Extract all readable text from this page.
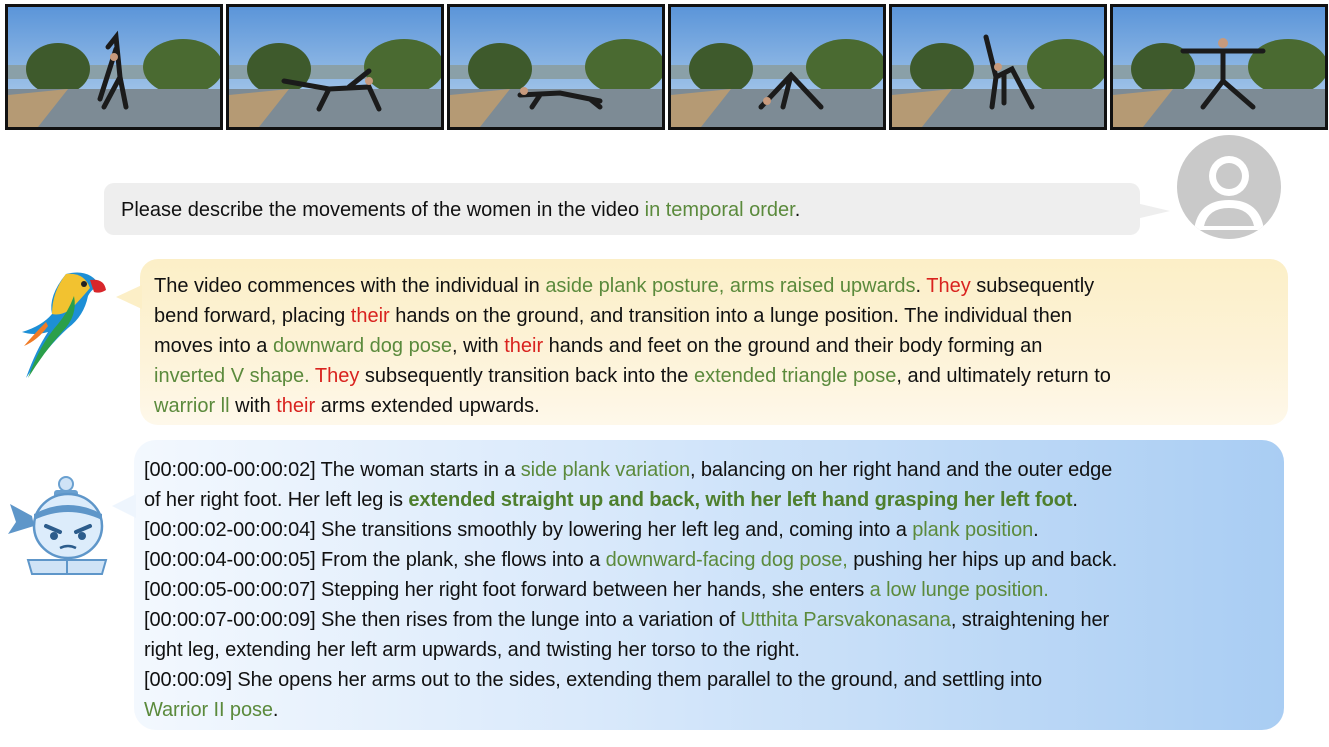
Please describe the movements of the women in the video in temporal order.
The video commences with the individual in aside plank posture, arms raised upwards. They subsequently
bend forward, placing their hands on the ground, and transition into a lunge position. The individual then
moves into a downward dog pose, with their hands and feet on the ground and their body forming an
inverted V shape. They subsequently transition back into the extended triangle pose, and ultimately return to
warrior ll with their arms extended upwards.
[00:00:00-00:00:02] The woman starts in a side plank variation, balancing on her right hand and the outer edge
of her right foot. Her left leg is extended straight up and back, with her left hand grasping her left foot.
[00:00:02-00:00:04] She transitions smoothly by lowering her left leg and, coming into a plank position.
[00:00:04-00:00:05] From the plank, she flows into a downward-facing dog pose, pushing her hips up and back.
[00:00:05-00:00:07] Stepping her right foot forward between her hands, she enters a low lunge position.
[00:00:07-00:00:09] She then rises from the lunge into a variation of Utthita Parsvakonasana, straightening her
right leg, extending her left arm upwards, and twisting her torso to the right.
[00:00:09] She opens her arms out to the sides, extending them parallel to the ground, and settling into
Warrior II pose.
